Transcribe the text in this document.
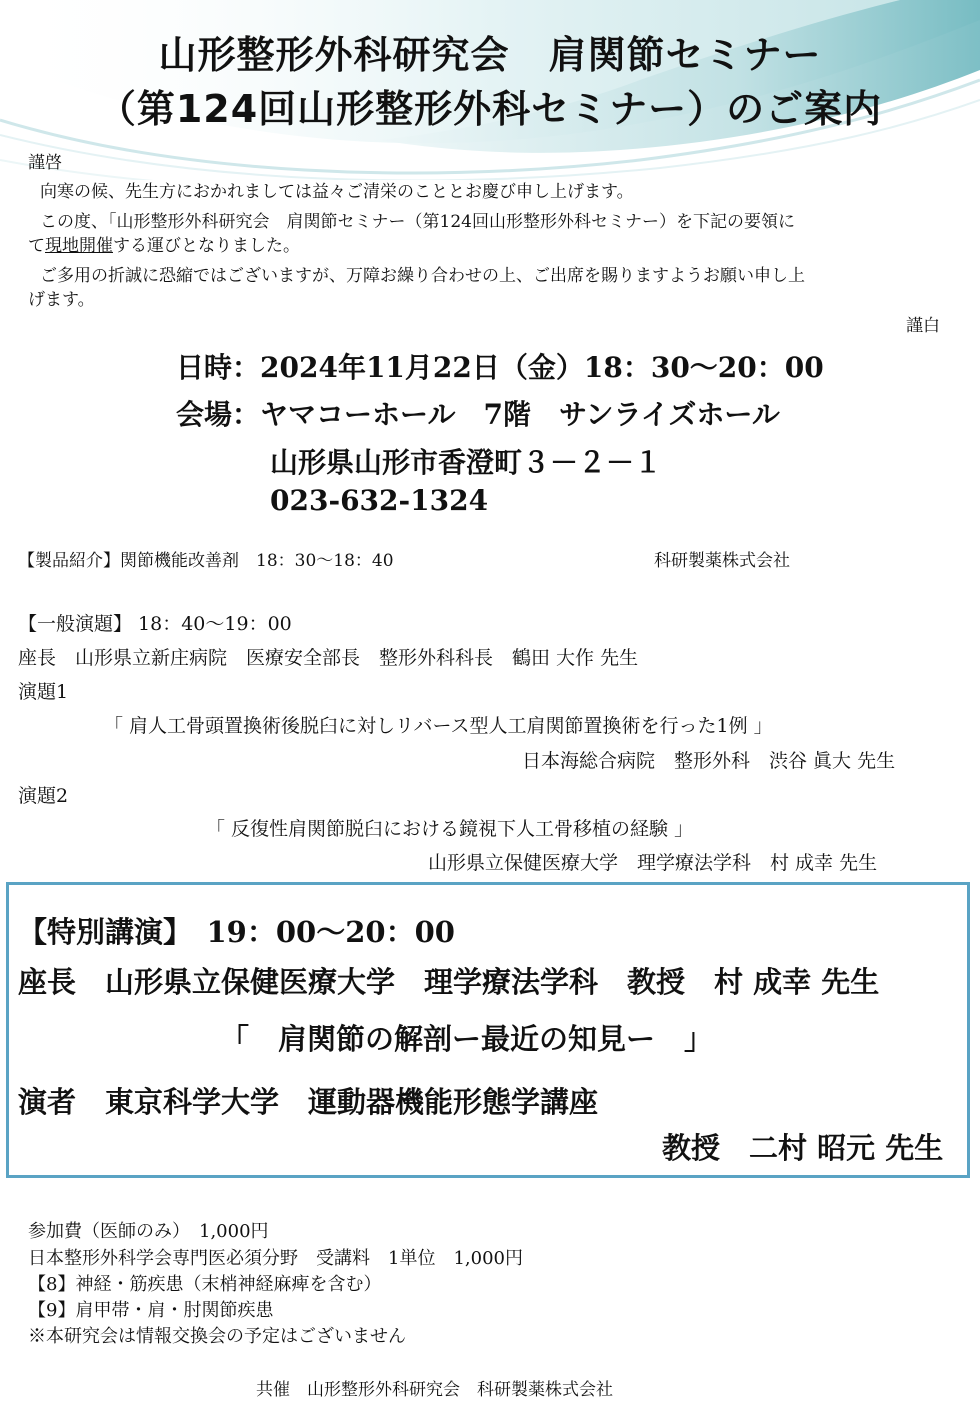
山形整形外科研究会　肩関節セミナー
（第124回山形整形外科セミナー）のご案内
謹啓
向寒の候、先生方におかれましては益々ご清栄のこととお慶び申し上げます。
この度、「山形整形外科研究会　肩関節セミナー（第124回山形整形外科セミナー）を下記の要領に
て現地開催する運びとなりました。
ご多用の折誠に恐縮ではございますが、万障お繰り合わせの上、ご出席を賜りますようお願い申し上
げます。
謹白
日時：2024年11月22日（金）18：30～20：00
会場：ヤマコーホール　7階　サンライズホール
山形県山形市香澄町３－２－１
023-632-1324
【製品紹介】関節機能改善剤　18：30～18：40	科研製薬株式会社
【一般演題】 18：40～19：00
座長　山形県立新庄病院　医療安全部長　整形外科科長　鶴田 大作 先生
演題1
「 肩人工骨頭置換術後脱臼に対しリバース型人工肩関節置換術を行った1例 」
日本海総合病院　整形外科　渋谷 眞大 先生
演題2
「 反復性肩関節脱臼における鏡視下人工骨移植の経験 」
山形県立保健医療大学　理学療法学科　村 成幸 先生
【特別講演】　19：00～20：00
座長　山形県立保健医療大学　理学療法学科　教授　村 成幸 先生
「　肩関節の解剖ー最近の知見ー　」
演者　東京科学大学　運動器機能形態学講座
教授　二村 昭元 先生
参加費（医師のみ）　1,000円
日本整形外科学会専門医必須分野　受講料　1単位　1,000円
【8】神経・筋疾患（末梢神経麻痺を含む）
【9】肩甲帯・肩・肘関節疾患
※本研究会は情報交換会の予定はございません
共催　山形整形外科研究会　科研製薬株式会社
